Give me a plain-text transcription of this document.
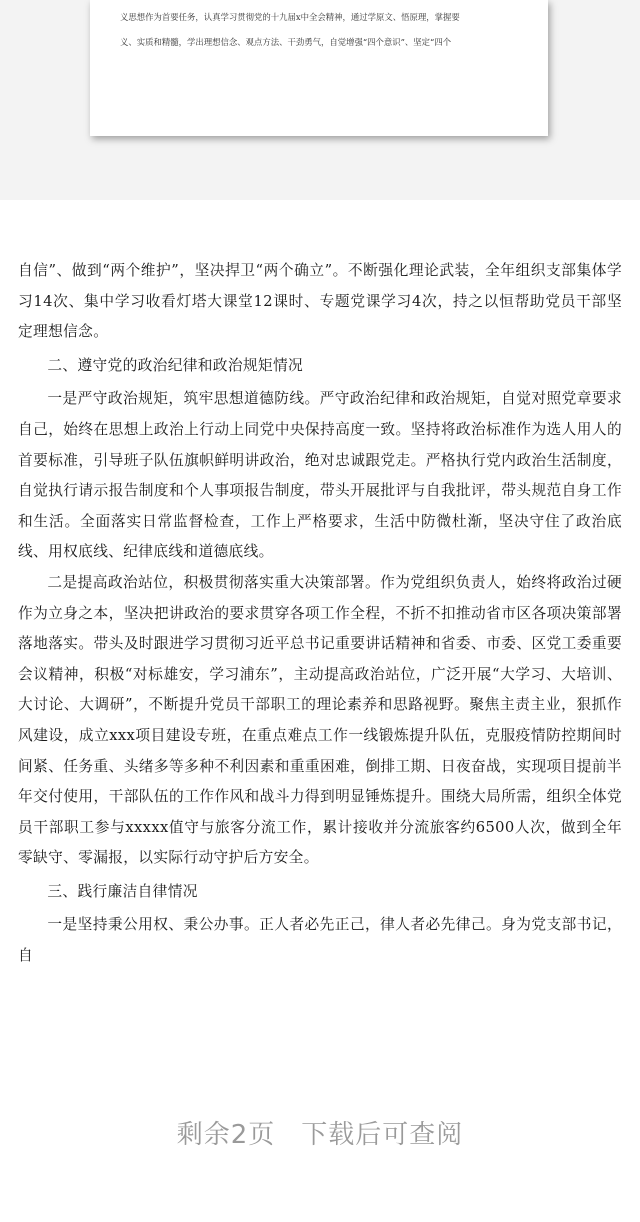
义思想作为首要任务，认真学习贯彻党的十九届x中全会精神，通过学原文、悟原理，掌握要

义、实质和精髓，学出理想信念、观点方法、干劲勇气，自觉增强“四个意识”、坚定“四个

自信”、做到“两个维护”，坚决捍卫“两个确立”。不断强化理论武装，全年组织支部集体学习14次、集中学习收看灯塔大课堂12课时、专题党课学习4次，持之以恒帮助党员干部坚定理想信念。

二、遵守党的政治纪律和政治规矩情况

一是严守政治规矩，筑牢思想道德防线。严守政治纪律和政治规矩，自觉对照党章要求自己，始终在思想上政治上行动上同党中央保持高度一致。坚持将政治标准作为选人用人的首要标准，引导班子队伍旗帜鲜明讲政治，绝对忠诚跟党走。严格执行党内政治生活制度，自觉执行请示报告制度和个人事项报告制度，带头开展批评与自我批评，带头规范自身工作和生活。全面落实日常监督检查，工作上严格要求，生活中防微杜渐，坚决守住了政治底线、用权底线、纪律底线和道德底线。

二是提高政治站位，积极贯彻落实重大决策部署。作为党组织负责人，始终将政治过硬作为立身之本，坚决把讲政治的要求贯穿各项工作全程，不折不扣推动省市区各项决策部署落地落实。带头及时跟进学习贯彻习近平总书记重要讲话精神和省委、市委、区党工委重要会议精神，积极“对标雄安，学习浦东”，主动提高政治站位，广泛开展“大学习、大培训、大讨论、大调研”，不断提升党员干部职工的理论素养和思路视野。聚焦主责主业，狠抓作风建设，成立xxx项目建设专班，在重点难点工作一线锻炼提升队伍，克服疫情防控期间时间紧、任务重、头绪多等多种不利因素和重重困难，倒排工期、日夜奋战，实现项目提前半年交付使用，干部队伍的工作作风和战斗力得到明显锤炼提升。围绕大局所需，组织全体党员干部职工参与xxxxx值守与旅客分流工作，累计接收并分流旅客约6500人次，做到全年零缺守、零漏报，以实际行动守护后方安全。

三、践行廉洁自律情况

一是坚持秉公用权、秉公办事。正人者必先正己，律人者必先律己。身为党支部书记，自

剩余2页 下载后可查阅
